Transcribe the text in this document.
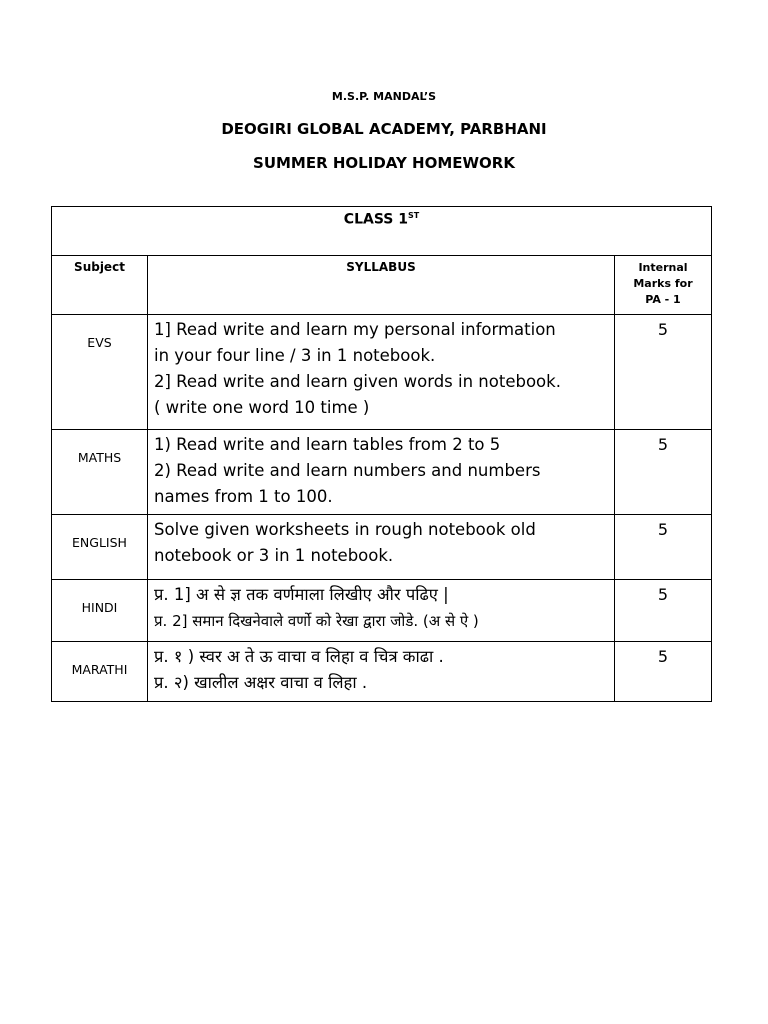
M.S.P. MANDAL’S
DEOGIRI GLOBAL ACADEMY, PARBHANI
SUMMER HOLIDAY HOMEWORK
CLASS 1ST
Subject	SYLLABUS	Internal
Marks for
PA - 1

EVS	1] Read write and learn my personal information
in your four line / 3 in 1 notebook.
2] Read write and learn given words in notebook.
( write one word 10 time )	5
MATHS	1) Read write and learn tables from 2 to 5
2) Read write and learn numbers and numbers
names from 1 to 100.	5
ENGLISH	Solve given worksheets in rough notebook old
notebook or 3 in 1 notebook.	5
HINDI	प्र. 1] अ से ज्ञ तक वर्णमाला लिखीए और पढिए |
प्र. 2] समान दिखनेवाले वर्णो को रेखा द्वारा जोडे. (अ से ऐ )	5
MARATHI	प्र. १ ) स्वर अ ते ऊ वाचा व लिहा व चित्र काढा .
प्र. २) खालील अक्षर वाचा व लिहा .	5
